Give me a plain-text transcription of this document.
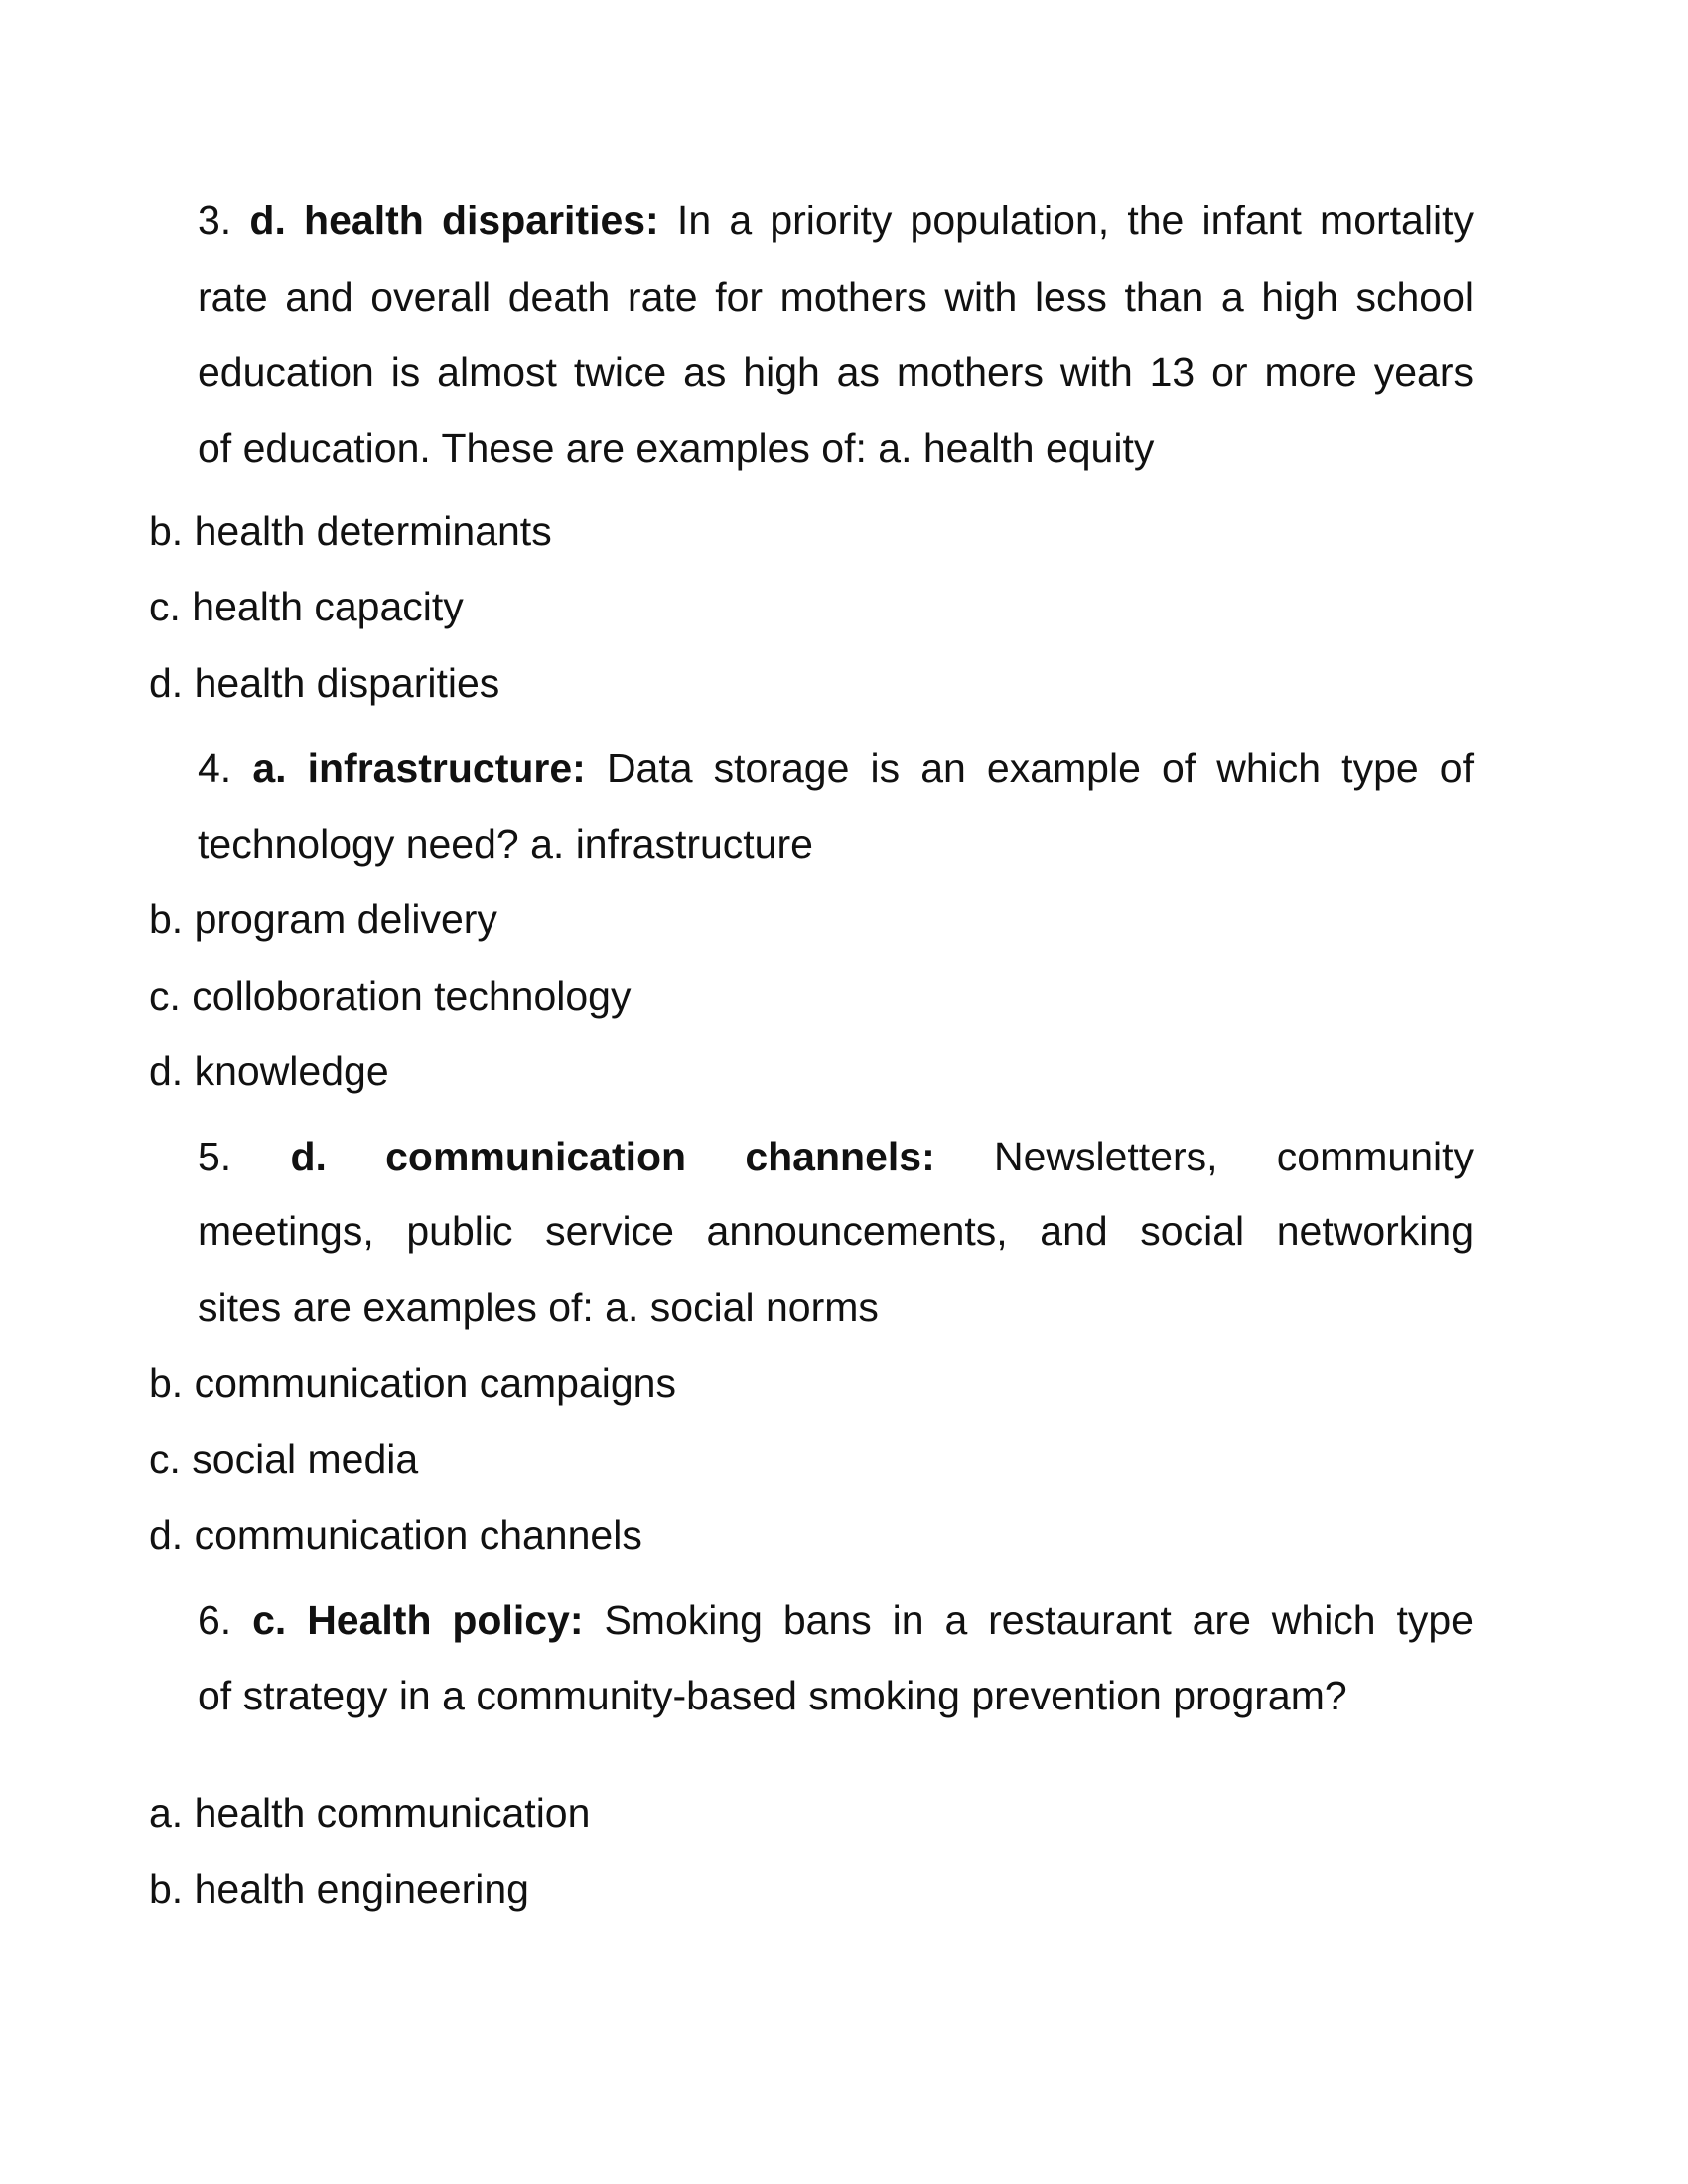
3. d. health disparities: In a priority population, the infant mortality
rate and overall death rate for mothers with less than a high school
education is almost twice as high as mothers with 13 or more years
of education. These are examples of: a. health equity
b. health determinants
c. health capacity
d. health disparities
4. a. infrastructure: Data storage is an example of which type of
technology need? a. infrastructure
b. program delivery
c. colloboration technology
d. knowledge
5. d. communication channels: Newsletters, community
meetings, public service announcements, and social networking
sites are examples of: a. social norms
b. communication campaigns
c. social media
d. communication channels
6. c. Health policy: Smoking bans in a restaurant are which type
of strategy in a community-based smoking prevention program?
a. health communication
b. health engineering
